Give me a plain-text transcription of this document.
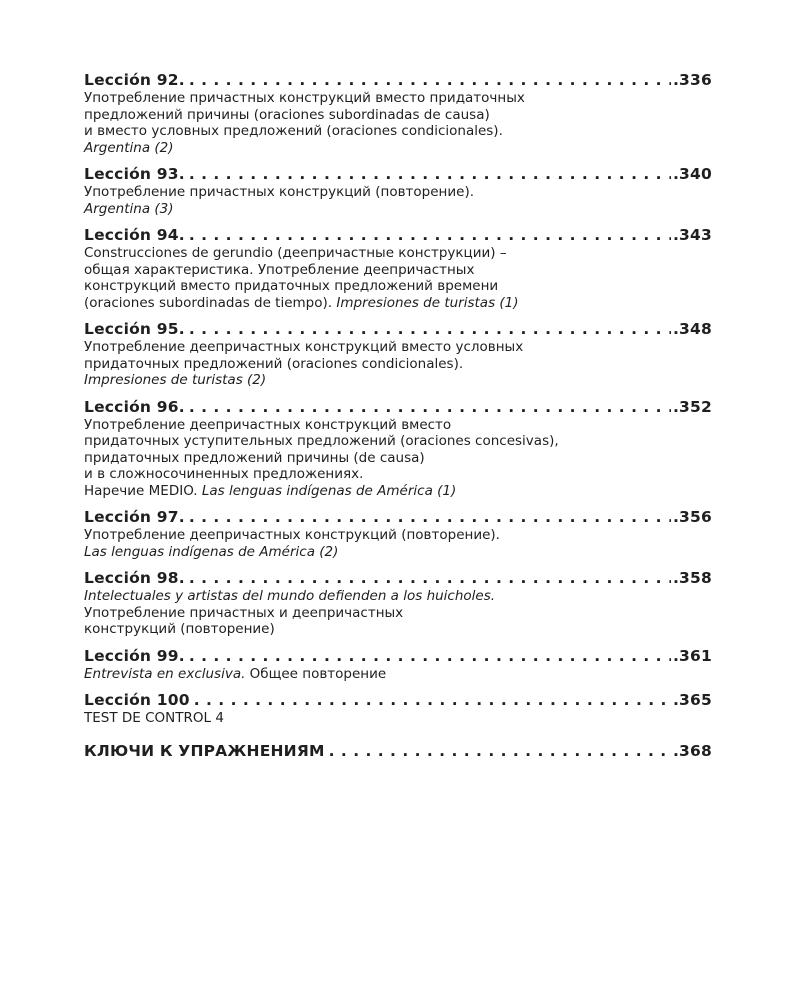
Lección 92. . . .	.336
Употребление причастных конструкций вместо придаточных
предложений причины (oraciones subordinadas de causa)
и вместо условных предложений (oraciones condicionales).
Argentina (2)
Lección 93. . . .	.340
Употребление причастных конструкций (повторение).
Argentina (3)
Lección 94. . . .	.343
Construcciones de gerundio (деепричастные конструкции) –
общая характеристика. Употребление деепричастных
конструкций вместо придаточных предложений времени
(oraciones subordinadas de tiempo). Impresiones de turistas (1)
Lección 95. . . .	.348
Употребление деепричастных конструкций вместо условных
придаточных предложений (oraciones condicionales).
Impresiones de turistas (2)
Lección 96. . . .	.352
Употребление деепричастных конструкций вместо
придаточных уступительных предложений (oraciones concesivas),
придаточных предложений причины (de causa)
и в сложносочиненных предложениях.
Наречие MEDIO. Las lenguas indígenas de América (1)
Lección 97. . . .	.356
Употребление деепричастных конструкций (повторение).
Las lenguas indígenas de América (2)
Lección 98. . . .	.358
Intelectuales y artistas del mundo defienden a los huicholes.
Употребление причастных и деепричастных
конструкций (повторение)
Lección 99. . . .	.361
Entrevista en exclusiva. Общее повторение
Lección 100 . . .	.365
TEST DE CONTROL 4
КЛЮЧИ К УПРАЖНЕНИЯМ . . .	.368
